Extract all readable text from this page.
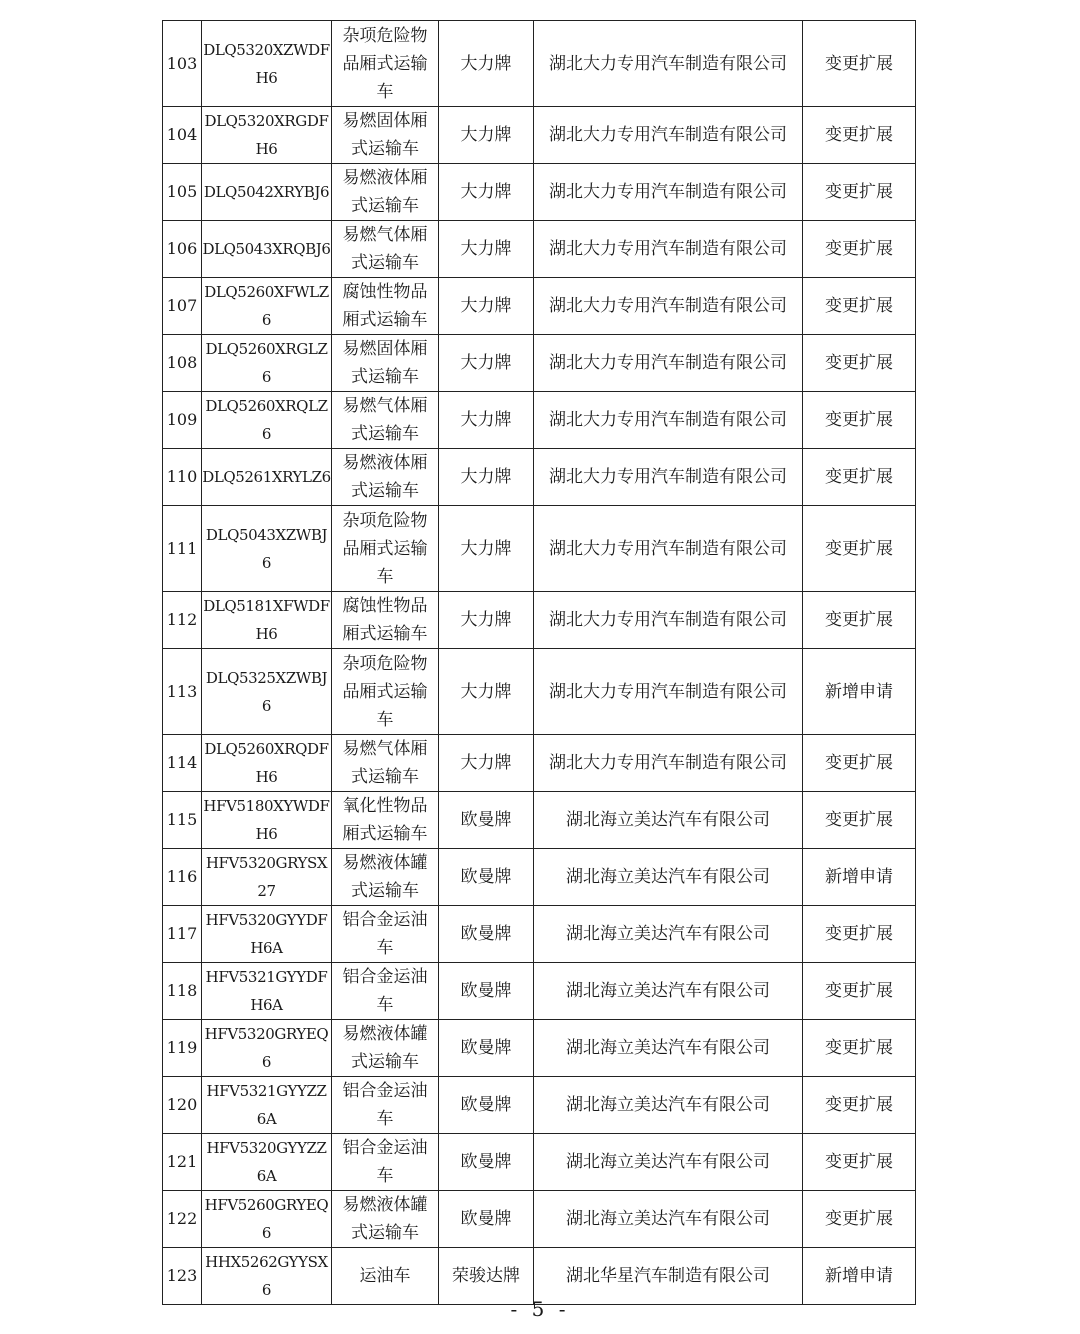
103	DLQ5320XZWDFH6	杂项危险物品厢式运输车	大力牌	湖北大力专用汽车制造有限公司	变更扩展
104	DLQ5320XRGDFH6	易燃固体厢式运输车	大力牌	湖北大力专用汽车制造有限公司	变更扩展
105	DLQ5042XRYBJ6	易燃液体厢式运输车	大力牌	湖北大力专用汽车制造有限公司	变更扩展
106	DLQ5043XRQBJ6	易燃气体厢式运输车	大力牌	湖北大力专用汽车制造有限公司	变更扩展
107	DLQ5260XFWLZ6	腐蚀性物品厢式运输车	大力牌	湖北大力专用汽车制造有限公司	变更扩展
108	DLQ5260XRGLZ6	易燃固体厢式运输车	大力牌	湖北大力专用汽车制造有限公司	变更扩展
109	DLQ5260XRQLZ6	易燃气体厢式运输车	大力牌	湖北大力专用汽车制造有限公司	变更扩展
110	DLQ5261XRYLZ6	易燃液体厢式运输车	大力牌	湖北大力专用汽车制造有限公司	变更扩展
111	DLQ5043XZWBJ6	杂项危险物品厢式运输车	大力牌	湖北大力专用汽车制造有限公司	变更扩展
112	DLQ5181XFWDFH6	腐蚀性物品厢式运输车	大力牌	湖北大力专用汽车制造有限公司	变更扩展
113	DLQ5325XZWBJ6	杂项危险物品厢式运输车	大力牌	湖北大力专用汽车制造有限公司	新增申请
114	DLQ5260XRQDFH6	易燃气体厢式运输车	大力牌	湖北大力专用汽车制造有限公司	变更扩展
115	HFV5180XYWDFH6	氧化性物品厢式运输车	欧曼牌	湖北海立美达汽车有限公司	变更扩展
116	HFV5320GRYSX27	易燃液体罐式运输车	欧曼牌	湖北海立美达汽车有限公司	新增申请
117	HFV5320GYYDFH6A	铝合金运油车	欧曼牌	湖北海立美达汽车有限公司	变更扩展
118	HFV5321GYYDFH6A	铝合金运油车	欧曼牌	湖北海立美达汽车有限公司	变更扩展
119	HFV5320GRYEQ6	易燃液体罐式运输车	欧曼牌	湖北海立美达汽车有限公司	变更扩展
120	HFV5321GYYZZ6A	铝合金运油车	欧曼牌	湖北海立美达汽车有限公司	变更扩展
121	HFV5320GYYZZ6A	铝合金运油车	欧曼牌	湖北海立美达汽车有限公司	变更扩展
122	HFV5260GRYEQ6	易燃液体罐式运输车	欧曼牌	湖北海立美达汽车有限公司	变更扩展
123	HHX5262GYYSX6	运油车	荣骏达牌	湖北华星汽车制造有限公司	新增申请
- 5 -
